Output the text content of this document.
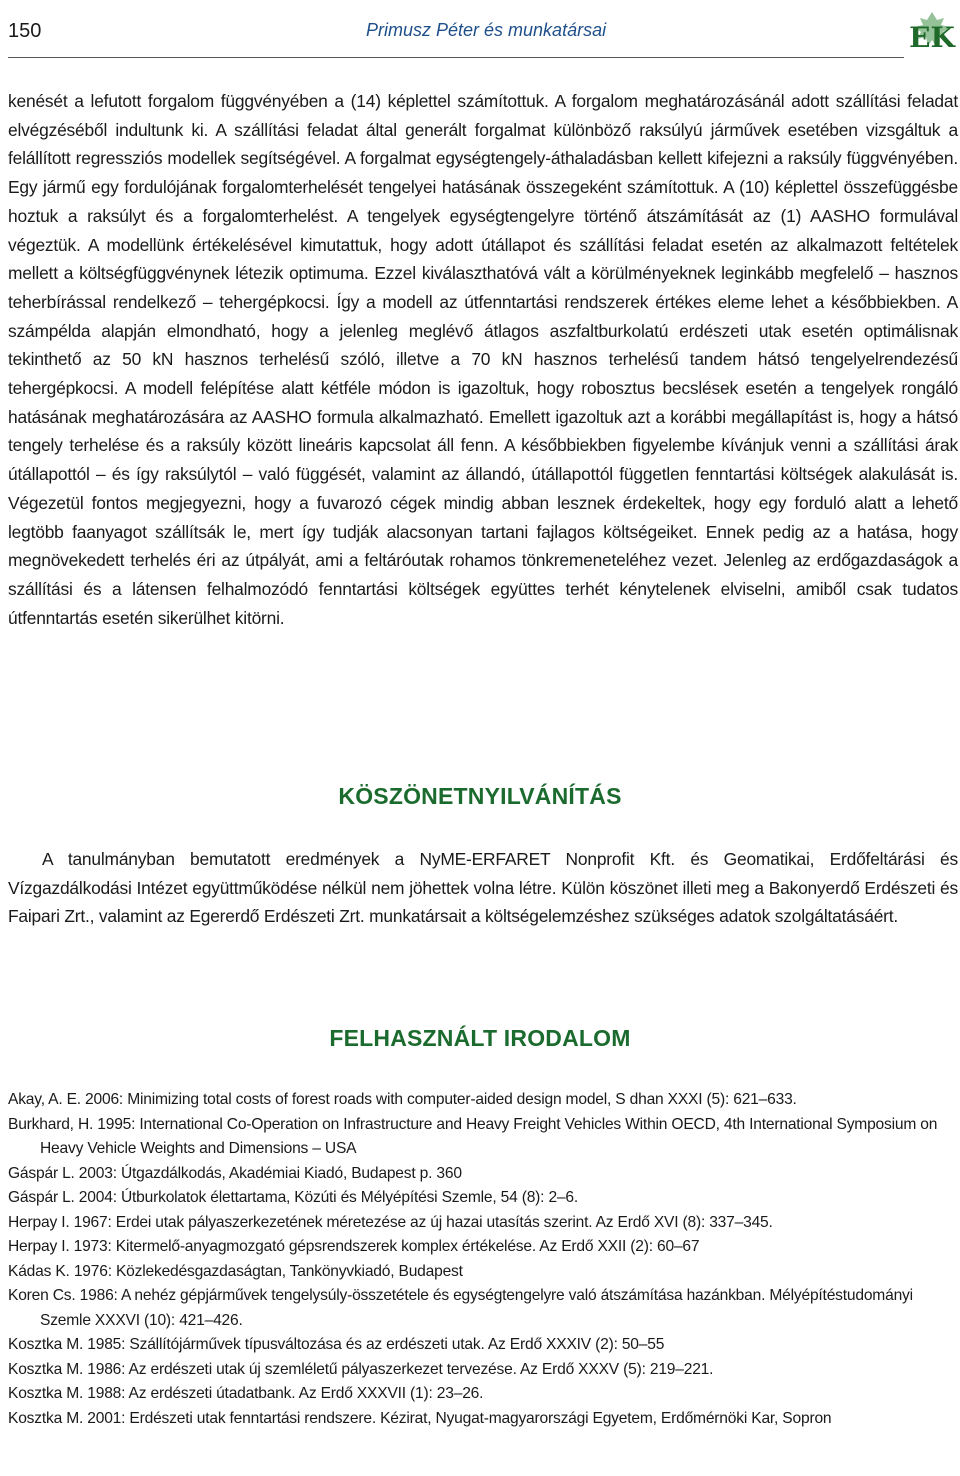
150	Primusz Péter és munkatársai	EK
kenését a lefutott forgalom függvényében a (14) képlettel számítottuk. A forgalom meghatározásánál adott szállítási feladat elvégzéséből indultunk ki. A szállítási feladat által generált forgalmat különböző raksúlyú járművek esetében vizsgáltuk a felállított regressziós modellek segítségével. A forgalmat egységtengely-áthaladásban kellett kifejezni a raksúly függvényében. Egy jármű egy fordulójának forgalomterhelését tengelyei hatásának összegeként számítottuk. A (10) képlettel összefüggésbe hoztuk a raksúlyt és a forgalomterhelést. A tengelyek egységtengelyre történő átszámítását az (1) AASHO formulával végeztük. A modellünk értékelésével kimutattuk, hogy adott útállapot és szállítási feladat esetén az alkalmazott feltételek mellett a költségfüggvénynek létezik optimuma. Ezzel kiválaszthatóvá vált a körülményeknek leginkább megfelelő – hasznos teherbírással rendelkező – tehergépkocsi. Így a modell az útfenntartási rendszerek értékes eleme lehet a későbbiekben. A számpélda alapján elmondható, hogy a jelenleg meglévő átlagos aszfaltburkolatú erdészeti utak esetén optimálisnak tekinthető az 50 kN hasznos terhelésű szóló, illetve a 70 kN hasznos terhelésű tandem hátsó tengelyelrendezésű tehergépkocsi. A modell felépítése alatt kétféle módon is igazoltuk, hogy robosztus becslések esetén a tengelyek rongáló hatásának meghatározására az AASHO formula alkalmazható. Emellett igazoltuk azt a korábbi megállapítást is, hogy a hátsó tengely terhelése és a raksúly között lineáris kapcsolat áll fenn. A későbbiekben figyelembe kívánjuk venni a szállítási árak útállapottól – és így raksúlytól – való függését, valamint az állandó, útállapottól független fenntartási költségek alakulását is. Végezetül fontos megjegyezni, hogy a fuvarozó cégek mindig abban lesznek érdekeltek, hogy egy forduló alatt a lehető legtöbb faanyagot szállítsák le, mert így tudják alacsonyan tartani fajlagos költségeiket. Ennek pedig az a hatása, hogy megnövekedett terhelés éri az útpályát, ami a feltáróutak rohamos tönkremeneteléhez vezet. Jelenleg az erdőgazdaságok a szállítási és a látensen felhalmozódó fenntartási költségek együttes terhét kénytelenek elviselni, amiből csak tudatos útfenntartás esetén sikerülhet kitörni.
KÖSZÖNETNYILVÁNÍTÁS
A tanulmányban bemutatott eredmények a NyME-ERFARET Nonprofit Kft. és Geomatikai, Erdőfeltárási és Vízgazdálkodási Intézet együttműködése nélkül nem jöhettek volna létre. Külön köszönet illeti meg a Bakonyerdő Erdészeti és Faipari Zrt., valamint az Egererdő Erdészeti Zrt. munkatársait a költségelemzéshez szükséges adatok szolgáltatásáért.
FELHASZNÁLT IRODALOM
Akay, A. E. 2006: Minimizing total costs of forest roads with computer-aided design model, S dhan XXXI (5): 621–633.
Burkhard, H. 1995: International Co-Operation on Infrastructure and Heavy Freight Vehicles Within OECD, 4th International Symposium on Heavy Vehicle Weights and Dimensions – USA
Gáspár L. 2003: Útgazdálkodás, Akadémiai Kiadó, Budapest p. 360
Gáspár L. 2004: Útburkolatok élettartama, Közúti és Mélyépítési Szemle, 54 (8): 2–6.
Herpay I. 1967: Erdei utak pályaszerkezetének méretezése az új hazai utasítás szerint. Az Erdő XVI (8): 337–345.
Herpay I. 1973: Kitermelő-anyagmozgató gépsrendszerek komplex értékelése. Az Erdő XXII (2): 60–67
Kádas K. 1976: Közlekedésgazdaságtan, Tankönyvkiadó, Budapest
Koren Cs. 1986: A nehéz gépjárművek tengelysúly-összetétele és egységtengelyre való átszámítása hazánkban. Mélyépítéstudományi Szemle XXXVI (10): 421–426.
Kosztka M. 1985: Szállítójárművek típusváltozása és az erdészeti utak. Az Erdő XXXIV (2): 50–55
Kosztka M. 1986: Az erdészeti utak új szemléletű pályaszerkezet tervezése. Az Erdő XXXV (5): 219–221.
Kosztka M. 1988: Az erdészeti útadatbank. Az Erdő XXXVII (1): 23–26.
Kosztka M. 2001: Erdészeti utak fenntartási rendszere. Kézirat, Nyugat-magyarországi Egyetem, Erdőmérnöki Kar, Sopron
